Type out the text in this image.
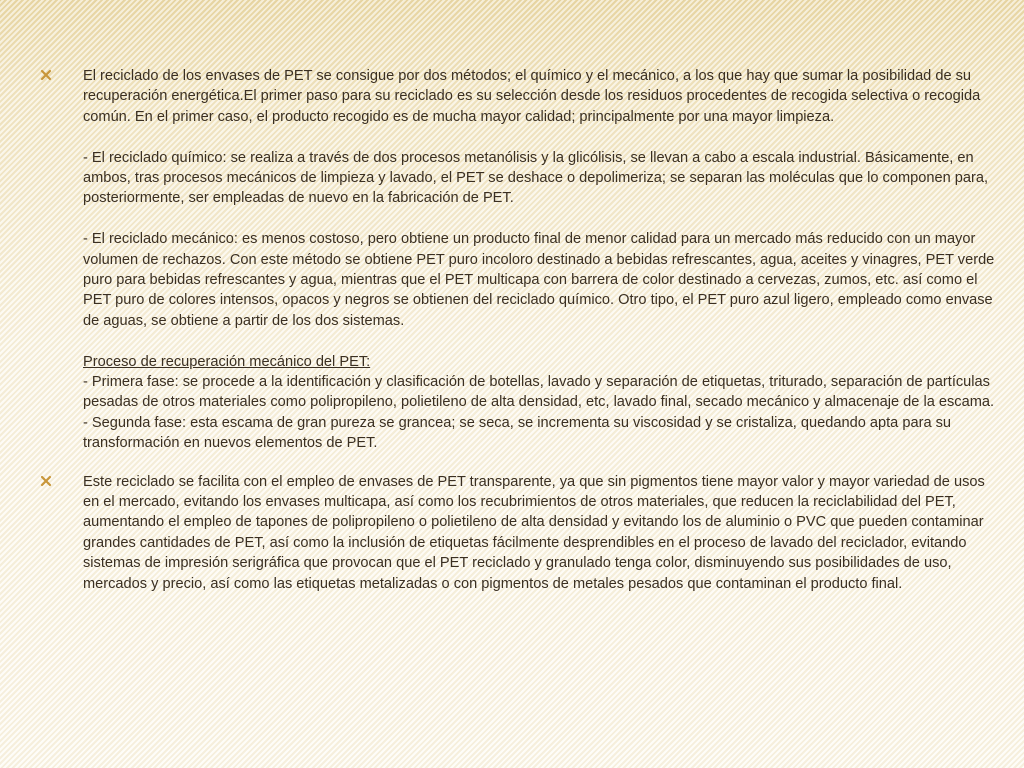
El reciclado de los envases de PET se consigue por dos métodos; el químico y el mecánico, a los que hay que sumar la posibilidad de su recuperación energética.El primer paso para su reciclado es su selección desde los residuos procedentes de recogida selectiva o recogida común. En el primer caso, el producto recogido es de mucha mayor calidad; principalmente por una mayor limpieza.

- El reciclado químico: se realiza a través de dos procesos metanólisis y la glicólisis, se llevan a cabo a escala industrial. Básicamente, en ambos, tras procesos mecánicos de limpieza y lavado, el PET se deshace o depolimeriza; se separan las moléculas que lo componen para, posteriormente, ser empleadas de nuevo en la fabricación de PET.

- El reciclado mecánico: es menos costoso, pero obtiene un producto final de menor calidad para un mercado más reducido con un mayor volumen de rechazos. Con este método se obtiene PET puro incoloro destinado a bebidas refrescantes, agua, aceites y vinagres, PET verde puro para bebidas refrescantes y agua, mientras que el PET multicapa con barrera de color destinado a cervezas, zumos, etc. así como el PET puro de colores intensos, opacos y negros se obtienen del reciclado químico. Otro tipo, el PET puro azul ligero, empleado como envase de aguas, se obtiene a partir de los dos sistemas.

Proceso de recuperación mecánico del PET:

- Primera fase: se procede a la identificación y clasificación de botellas, lavado y separación de etiquetas, triturado, separación de partículas pesadas de otros materiales como polipropileno, polietileno de alta densidad, etc, lavado final, secado mecánico y almacenaje de la escama.

- Segunda fase: esta escama de gran pureza se grancea; se seca, se incrementa su viscosidad y se cristaliza, quedando apta para su transformación en nuevos elementos de PET.

Este reciclado se facilita con el empleo de envases de PET transparente, ya que sin pigmentos tiene mayor valor y mayor variedad de usos en el mercado, evitando los envases multicapa, así como los recubrimientos de otros materiales, que reducen la reciclabilidad del PET, aumentando el empleo de tapones de polipropileno o polietileno de alta densidad y evitando los de aluminio o PVC que pueden contaminar grandes cantidades de PET, así como la inclusión de etiquetas fácilmente desprendibles en el proceso de lavado del reciclador, evitando sistemas de impresión serigráfica que provocan que el PET reciclado y granulado tenga color, disminuyendo sus posibilidades de uso, mercados y precio, así como las etiquetas metalizadas o con pigmentos de metales pesados que contaminan el producto final.
